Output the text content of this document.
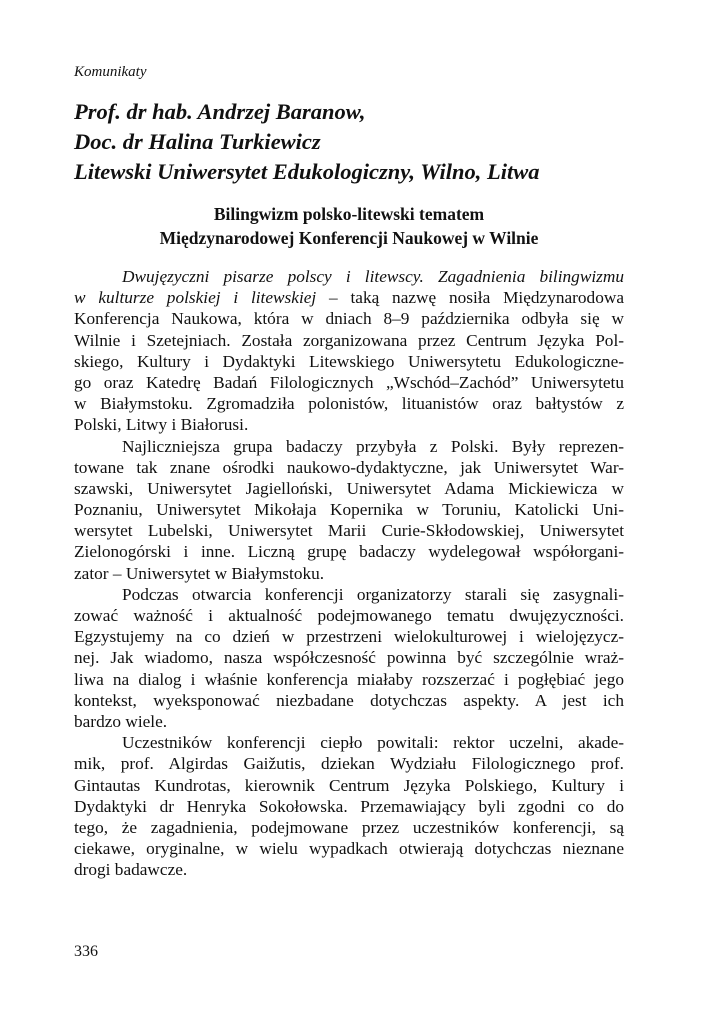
Komunikaty
Prof. dr hab. Andrzej Baranow,
Doc. dr Halina Turkiewicz
Litewski Uniwersytet Edukologiczny, Wilno, Litwa
Bilingwizm polsko-litewski tematem
Międzynarodowej Konferencji Naukowej w Wilnie
Dwujęzyczni pisarze polscy i litewscy. Zagadnienia bilingwizmu
w kulturze polskiej i litewskiej – taką nazwę nosiła Międzynarodowa
Konferencja Naukowa, która w dniach 8–9 października odbyła się w
Wilnie i Szetejniach. Została zorganizowana przez Centrum Języka Pol-
skiego, Kultury i Dydaktyki Litewskiego Uniwersytetu Edukologiczne-
go oraz Katedrę Badań Filologicznych „Wschód–Zachód” Uniwersytetu
w Białymstoku. Zgromadziła polonistów, lituanistów oraz bałtystów z
Polski, Litwy i Białorusi.
Najliczniejsza grupa badaczy przybyła z Polski. Były reprezen-
towane tak znane ośrodki naukowo-dydaktyczne, jak Uniwersytet War-
szawski, Uniwersytet Jagielloński, Uniwersytet Adama Mickiewicza w
Poznaniu, Uniwersytet Mikołaja Kopernika w Toruniu, Katolicki Uni-
wersytet Lubelski, Uniwersytet Marii Curie-Skłodowskiej, Uniwersytet
Zielonogórski i inne. Liczną grupę badaczy wydelegował współorgani-
zator – Uniwersytet w Białymstoku.
Podczas otwarcia konferencji organizatorzy starali się zasygnali-
zować ważność i aktualność podejmowanego tematu dwujęzyczności.
Egzystujemy na co dzień w przestrzeni wielokulturowej i wielojęzycz-
nej. Jak wiadomo, nasza współczesność powinna być szczególnie wraż-
liwa na dialog i właśnie konferencja miałaby rozszerzać i pogłębiać jego
kontekst, wyeksponować niezbadane dotychczas aspekty. A jest ich
bardzo wiele.
Uczestników konferencji ciepło powitali: rektor uczelni, akade-
mik, prof. Algirdas Gaižutis, dziekan Wydziału Filologicznego prof.
Gintautas Kundrotas, kierownik Centrum Języka Polskiego, Kultury i
Dydaktyki dr Henryka Sokołowska. Przemawiający byli zgodni co do
tego, że zagadnienia, podejmowane przez uczestników konferencji, są
ciekawe, oryginalne, w wielu wypadkach otwierają dotychczas nieznane
drogi badawcze.
336
